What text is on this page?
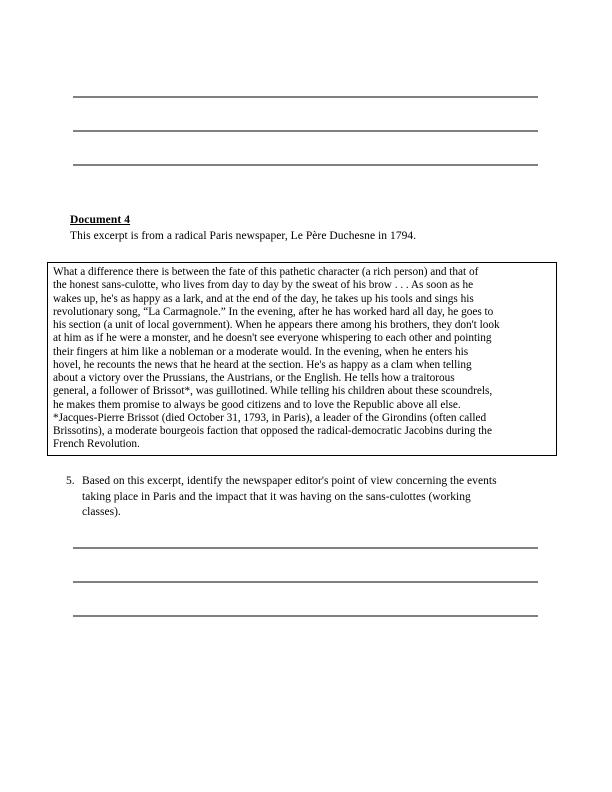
Document 4
This excerpt is from a radical Paris newspaper, Le Père Duchesne in 1794.
What a difference there is between the fate of this pathetic character (a rich person) and that of
the honest sans-culotte, who lives from day to day by the sweat of his brow . . . As soon as he
wakes up, he's as happy as a lark, and at the end of the day, he takes up his tools and sings his
revolutionary song, “La Carmagnole.” In the evening, after he has worked hard all day, he goes to
his section (a unit of local government). When he appears there among his brothers, they don't look
at him as if he were a monster, and he doesn't see everyone whispering to each other and pointing
their fingers at him like a nobleman or a moderate would. In the evening, when he enters his
hovel, he recounts the news that he heard at the section. He's as happy as a clam when telling
about a victory over the Prussians, the Austrians, or the English. He tells how a traitorous
general, a follower of Brissot*, was guillotined. While telling his children about these scoundrels,
he makes them promise to always be good citizens and to love the Republic above all else.
*Jacques-Pierre Brissot (died October 31, 1793, in Paris), a leader of the Girondins (often called
Brissotins), a moderate bourgeois faction that opposed the radical-democratic Jacobins during the
French Revolution.
5. Based on this excerpt, identify the newspaper editor's point of view concerning the events
taking place in Paris and the impact that it was having on the sans-culottes (working
classes).
